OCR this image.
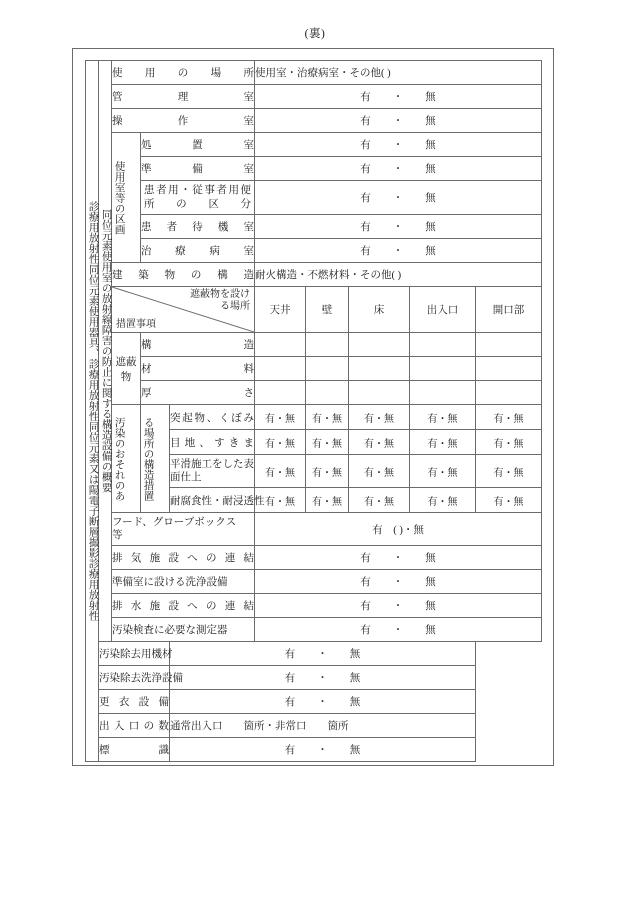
(裏)
診療用放射性同位元素使用器具、診療用放射性同位元素又は陽電子断層撮影診療用放射性	同位元素使用室の放射線障害の防止に関する構造設備の概要	使用の場所			使用室・治療病室・その他( )				
		管理室			有 ・ 無				
		操作室			有 ・ 無				

		使用室等の区画	処置室		有 ・ 無				
			準備室		有 ・ 無				

			患者用・従事者用便
所　の　区　分		有 ・ 無				
			患者待機室		有 ・ 無				
			治療病室		有 ・ 無				
		建築物の構造			耐火構造・不燃材料・その他( )				

		遮蔽物を設け
る場所
措置事項			天井	壁	床	出入口	開口部
		遮蔽物	構造						
			材料						
			厚さ						

		汚染のおそれのあ	る場所の構造措置	突起物、くぼみ	有・無	有・無	有・無	有・無	有・無
				目地、すきま	有・無	有・無	有・無	有・無	有・無

				平滑施工をした表
面仕上	有・無	有・無	有・無	有・無	有・無
				耐腐食性・耐浸透性	有・無	有・無	有・無	有・無	有・無

		フード、グローブボックス
等			有　( )・無				
		排気施設への連結			有 ・ 無				
		準備室に設ける洗浄設備			有 ・ 無				
		排水施設への連結			有 ・ 無				
		汚染検査に必要な測定器			有 ・ 無				
	汚染除去用機材			有 ・ 無					
	汚染除去洗浄設備			有 ・ 無					
	更衣設備			有 ・ 無					
	出入口の数			通常出入口　　箇所・非常口　　箇所					
	標識			有 ・ 無					
